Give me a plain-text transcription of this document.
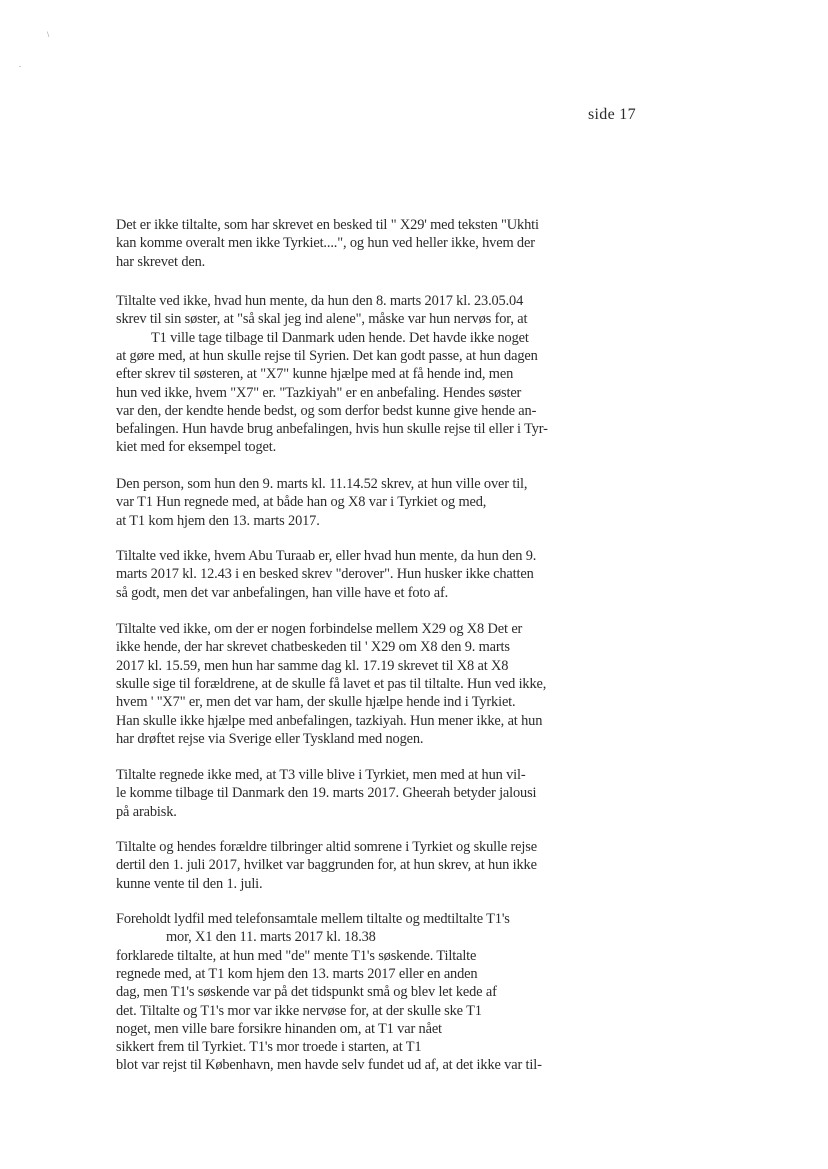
side 17
\
.
Det er ikke tiltalte, som har skrevet en besked til " X29' med teksten "Ukhti
kan komme overalt men ikke Tyrkiet....", og hun ved heller ikke, hvem der
har skrevet den.
Tiltalte ved ikke, hvad hun mente, da hun den 8. marts 2017 kl. 23.05.04
skrev til sin søster, at "så skal jeg ind alene", måske var hun nervøs for, at
T1 ville tage tilbage til Danmark uden hende. Det havde ikke noget
at gøre med, at hun skulle rejse til Syrien. Det kan godt passe, at hun dagen
efter skrev til søsteren, at "X7" kunne hjælpe med at få hende ind, men
hun ved ikke, hvem "X7" er. "Tazkiyah" er en anbefaling. Hendes søster
var den, der kendte hende bedst, og som derfor bedst kunne give hende an-
befalingen. Hun havde brug anbefalingen, hvis hun skulle rejse til eller i Tyr-
kiet med for eksempel toget.
Den person, som hun den 9. marts kl. 11.14.52 skrev, at hun ville over til,
var T1 Hun regnede med, at både han og X8 var i Tyrkiet og med,
at T1 kom hjem den 13. marts 2017.
Tiltalte ved ikke, hvem Abu Turaab er, eller hvad hun mente, da hun den 9.
marts 2017 kl. 12.43 i en besked skrev "derover". Hun husker ikke chatten
så godt, men det var anbefalingen, han ville have et foto af.
Tiltalte ved ikke, om der er nogen forbindelse mellem X29 og X8 Det er
ikke hende, der har skrevet chatbeskeden til ' X29 om X8 den 9. marts
2017 kl. 15.59, men hun har samme dag kl. 17.19 skrevet til X8 at X8
skulle sige til forældrene, at de skulle få lavet et pas til tiltalte. Hun ved ikke,
hvem ' "X7" er, men det var ham, der skulle hjælpe hende ind i Tyrkiet.
Han skulle ikke hjælpe med anbefalingen, tazkiyah. Hun mener ikke, at hun
har drøftet rejse via Sverige eller Tyskland med nogen.
Tiltalte regnede ikke med, at T3 ville blive i Tyrkiet, men med at hun vil-
le komme tilbage til Danmark den 19. marts 2017. Gheerah betyder jalousi
på arabisk.
Tiltalte og hendes forældre tilbringer altid somrene i Tyrkiet og skulle rejse
dertil den 1. juli 2017, hvilket var baggrunden for, at hun skrev, at hun ikke
kunne vente til den 1. juli.
Foreholdt lydfil med telefonsamtale mellem tiltalte og medtiltalte T1's
mor, X1 den 11. marts 2017 kl. 18.38
forklarede tiltalte, at hun med "de" mente T1's søskende. Tiltalte
regnede med, at T1 kom hjem den 13. marts 2017 eller en anden
dag, men T1's søskende var på det tidspunkt små og blev let kede af
det. Tiltalte og T1's mor var ikke nervøse for, at der skulle ske T1
noget, men ville bare forsikre hinanden om, at T1 var nået
sikkert frem til Tyrkiet. T1's mor troede i starten, at T1
blot var rejst til København, men havde selv fundet ud af, at det ikke var til-
